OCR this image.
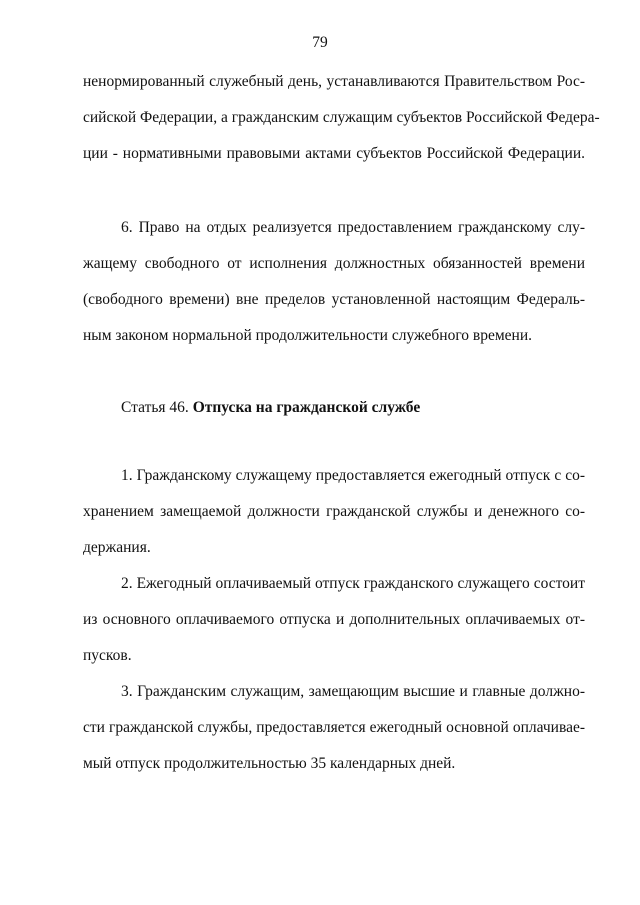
79
ненормированный служебный день, устанавливаются Правительством Рос-
сийской Федерации, а гражданским служащим субъектов Российской Федера-
ции - нормативными правовыми актами субъектов Российской Федерации.
6. Право на отдых реализуется предоставлением гражданскому слу-
жащему свободного от исполнения должностных обязанностей времени
(свободного времени) вне пределов установленной настоящим Федераль-
ным законом нормальной продолжительности служебного времени.
Статья 46. Отпуска на гражданской службе
1. Гражданскому служащему предоставляется ежегодный отпуск с со-
хранением замещаемой должности гражданской службы и денежного со-
держания.
2. Ежегодный оплачиваемый отпуск гражданского служащего состоит
из основного оплачиваемого отпуска и дополнительных оплачиваемых от-
пусков.
3. Гражданским служащим, замещающим высшие и главные должно-
сти гражданской службы, предоставляется ежегодный основной оплачивае-
мый отпуск продолжительностью 35 календарных дней.
